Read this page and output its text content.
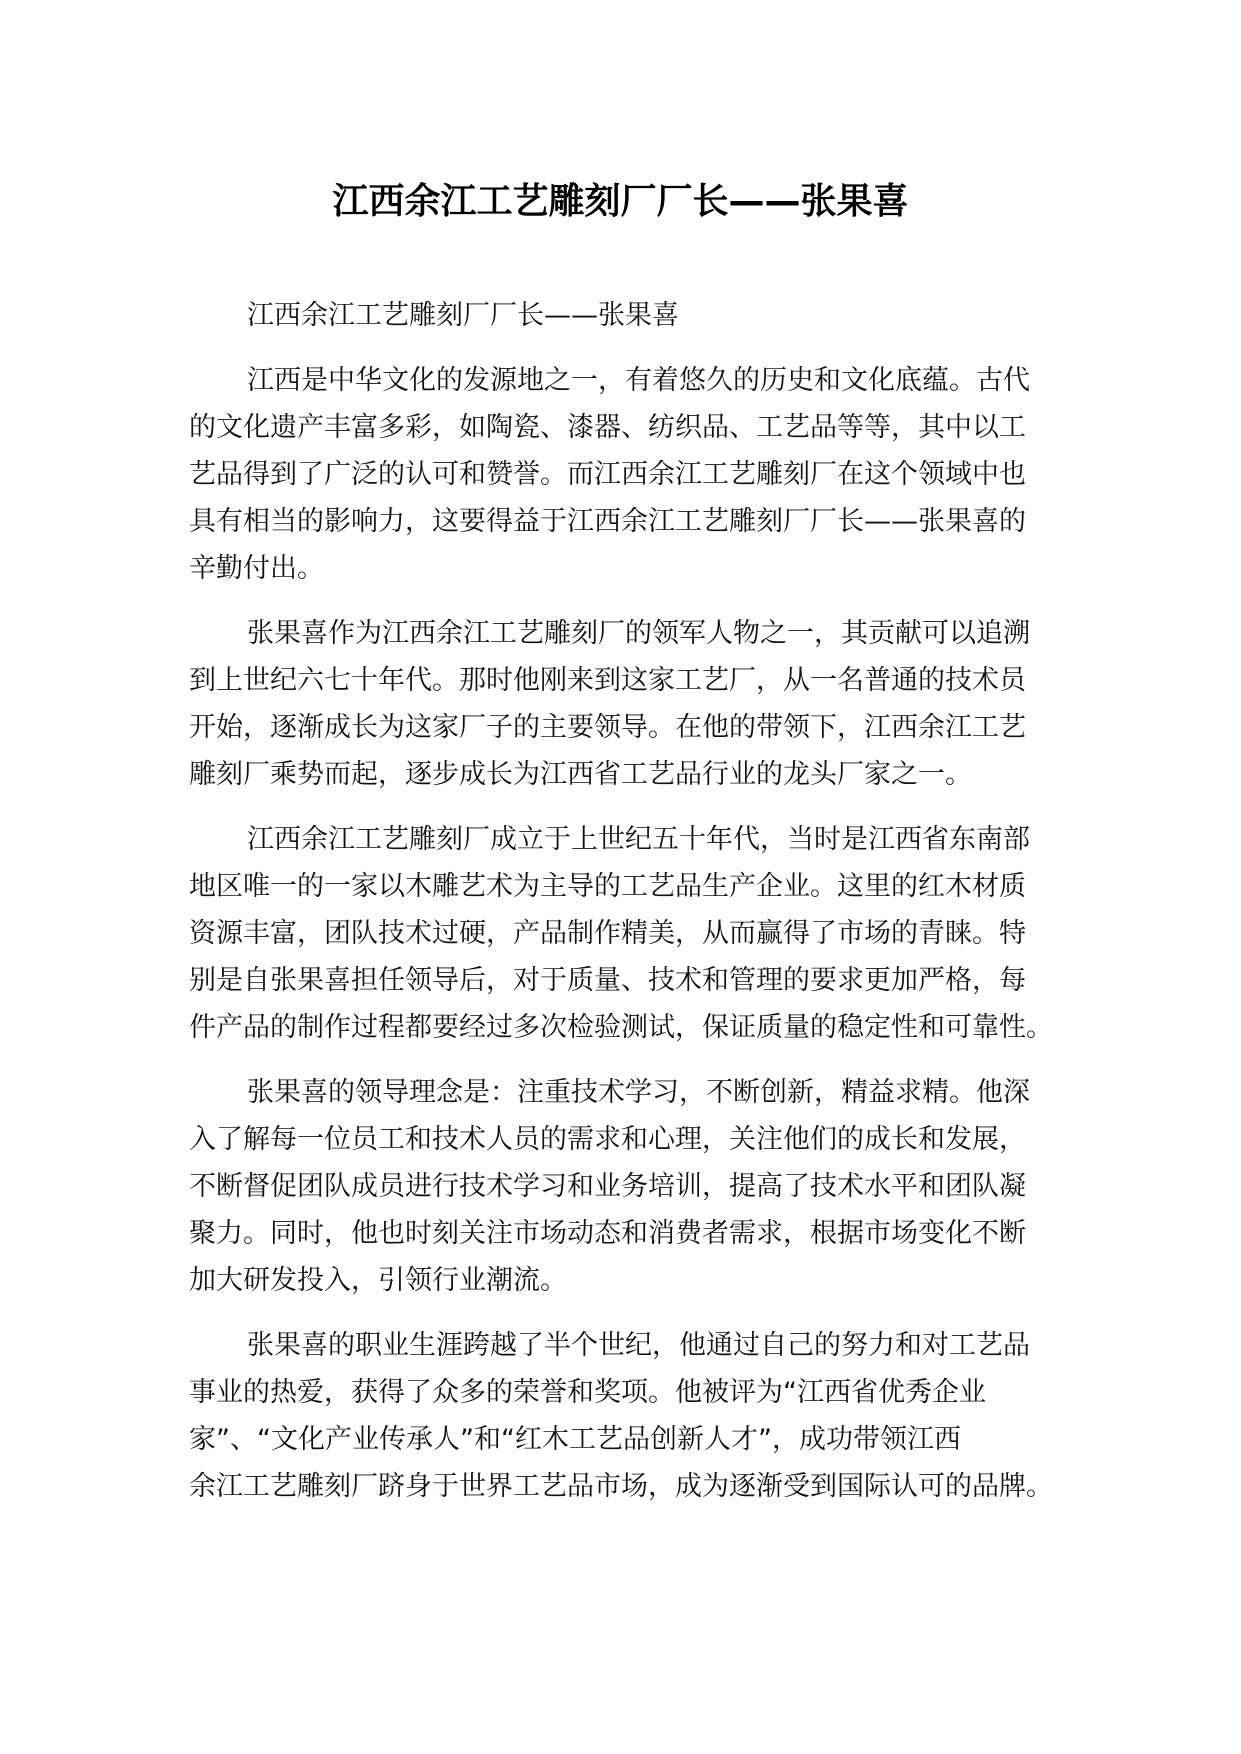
江西余江工艺雕刻厂厂长——张果喜
江西余江工艺雕刻厂厂长——张果喜
江西是中华文化的发源地之一，有着悠久的历史和文化底蕴。古代
的文化遗产丰富多彩，如陶瓷、漆器、纺织品、工艺品等等，其中以工
艺品得到了广泛的认可和赞誉。而江西余江工艺雕刻厂在这个领域中也
具有相当的影响力，这要得益于江西余江工艺雕刻厂厂长——张果喜的
辛勤付出。
张果喜作为江西余江工艺雕刻厂的领军人物之一，其贡献可以追溯
到上世纪六七十年代。那时他刚来到这家工艺厂，从一名普通的技术员
开始，逐渐成长为这家厂子的主要领导。在他的带领下，江西余江工艺
雕刻厂乘势而起，逐步成长为江西省工艺品行业的龙头厂家之一。
江西余江工艺雕刻厂成立于上世纪五十年代，当时是江西省东南部
地区唯一的一家以木雕艺术为主导的工艺品生产企业。这里的红木材质
资源丰富，团队技术过硬，产品制作精美，从而赢得了市场的青睐。特
别是自张果喜担任领导后，对于质量、技术和管理的要求更加严格，每
件产品的制作过程都要经过多次检验测试，保证质量的稳定性和可靠性。
张果喜的领导理念是：注重技术学习，不断创新，精益求精。他深
入了解每一位员工和技术人员的需求和心理，关注他们的成长和发展，
不断督促团队成员进行技术学习和业务培训，提高了技术水平和团队凝
聚力。同时，他也时刻关注市场动态和消费者需求，根据市场变化不断
加大研发投入，引领行业潮流。
张果喜的职业生涯跨越了半个世纪，他通过自己的努力和对工艺品
事业的热爱，获得了众多的荣誉和奖项。他被评为“江西省优秀企业
家”、“文化产业传承人”和“红木工艺品创新人才”，成功带领江西
余江工艺雕刻厂跻身于世界工艺品市场，成为逐渐受到国际认可的品牌。
